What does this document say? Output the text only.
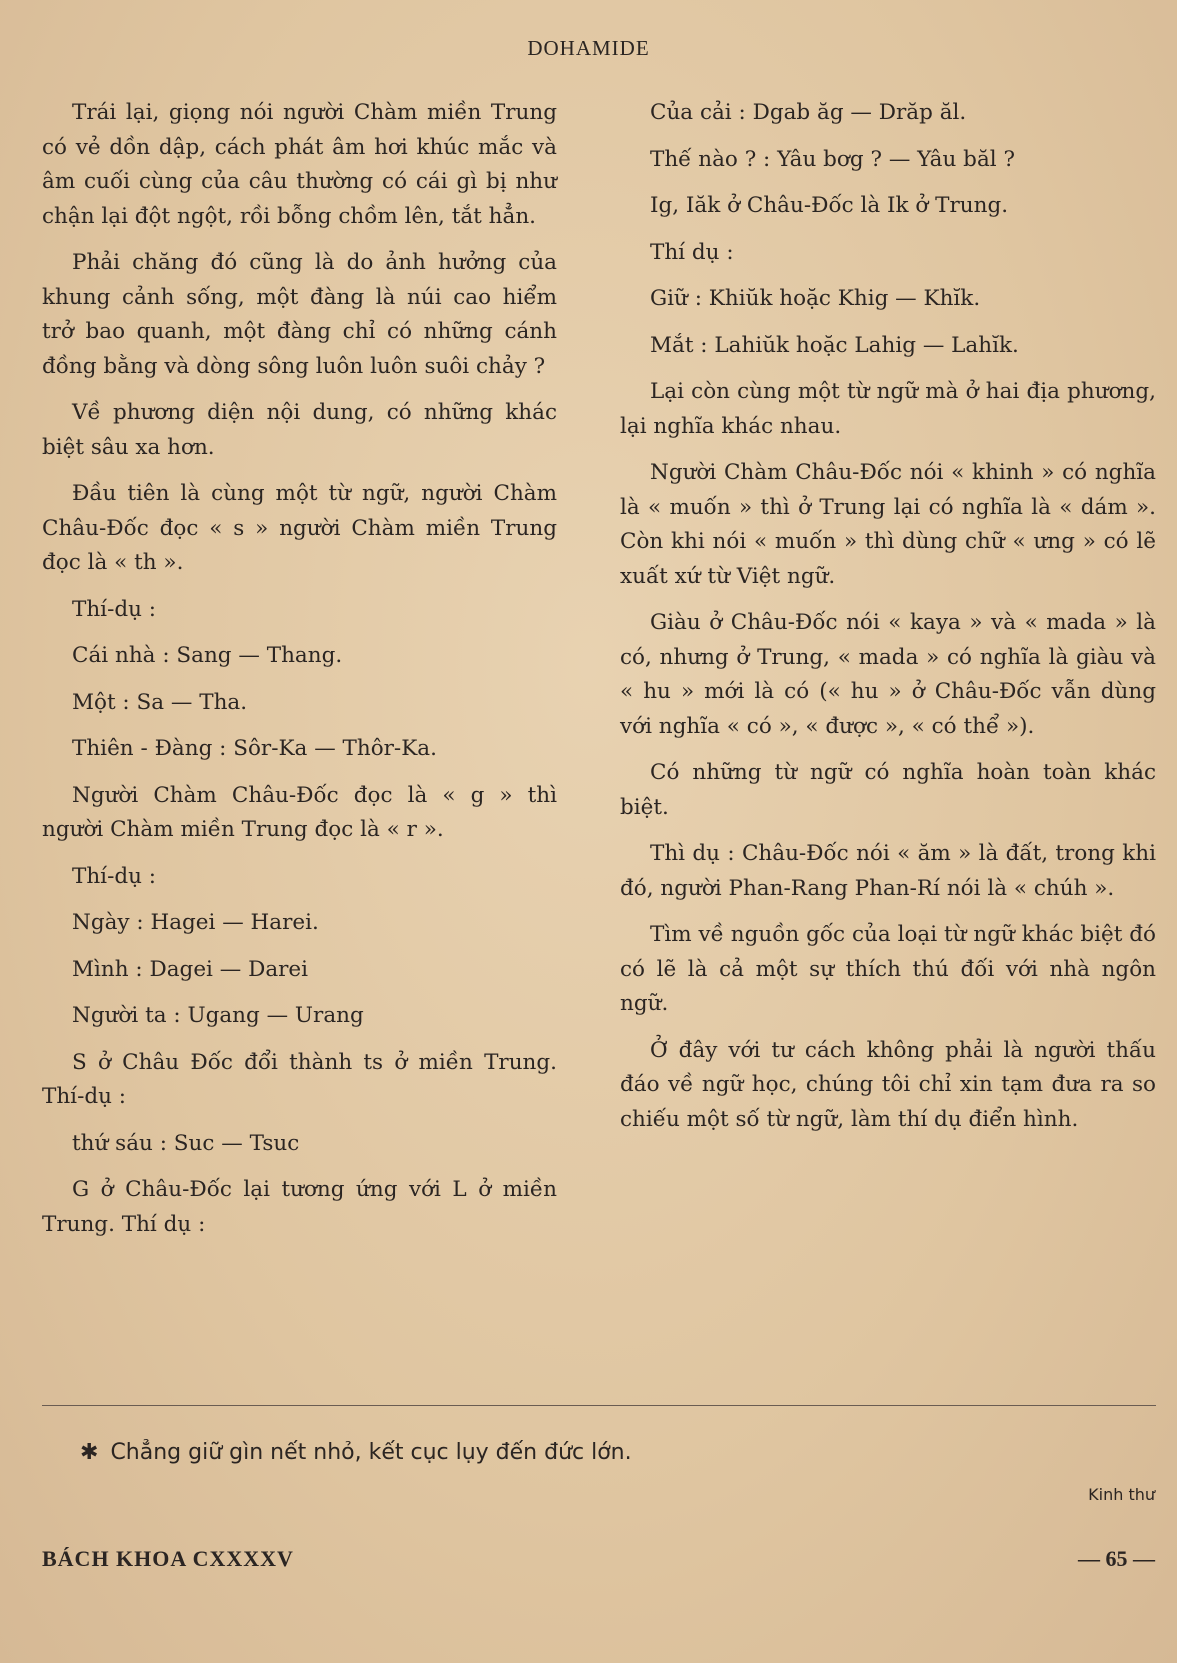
DOHAMIDE

Trái lại, giọng nói người Chàm miền Trung có vẻ dồn dập, cách phát âm hơi khúc mắc và âm cuối cùng của câu thường có cái gì bị như chận lại đột ngột, rồi bỗng chồm lên, tắt hẳn.

Phải chăng đó cũng là do ảnh hưởng của khung cảnh sống, một đàng là núi cao hiểm trở bao quanh, một đàng chỉ có những cánh đồng bằng và dòng sông luôn luôn suôi chảy ?

Về phương diện nội dung, có những khác biệt sâu xa hơn.

Đầu tiên là cùng một từ ngữ, người Chàm Châu-Đốc đọc « s » người Chàm miền Trung đọc là « th ».

Thí-dụ :

Cái nhà : Sang — Thang.

Một : Sa — Tha.

Thiên - Đàng : Sôr-Ka — Thôr-Ka.

Người Chàm Châu-Đốc đọc là « g » thì người Chàm miền Trung đọc là « r ».

Thí-dụ :

Ngày : Hagei — Harei.

Mình : Dagei — Darei

Người ta : Ugang — Urang

S ở Châu Đốc đổi thành ts ở miền Trung. Thí-dụ :

thứ sáu : Suc — Tsuc

G ở Châu-Đốc lại tương ứng với L ở miền Trung. Thí dụ :

Của cải : Dgab ăg — Drăp ăl.

Thế nào ? : Yâu bơg ? — Yâu băl ?

Ig, Iăk ở Châu-Đốc là Ik ở Trung.

Thí dụ :

Giữ : Khiŭk hoặc Khig — Khĭk.

Mắt : Lahiŭk hoặc Lahig — Lahĭk.

Lại còn cùng một từ ngữ mà ở hai địa phương, lại nghĩa khác nhau.

Người Chàm Châu-Đốc nói « khinh » có nghĩa là « muốn » thì ở Trung lại có nghĩa là « dám ». Còn khi nói « muốn » thì dùng chữ « ưng » có lẽ xuất xứ từ Việt ngữ.

Giàu ở Châu-Đốc nói « kaya » và « mada » là có, nhưng ở Trung, « mada » có nghĩa là giàu và « hu » mới là có (« hu » ở Châu-Đốc vẫn dùng với nghĩa « có », « được », « có thể »).

Có những từ ngữ có nghĩa hoàn toàn khác biệt.

Thì dụ : Châu-Đốc nói « ăm » là đất, trong khi đó, người Phan-Rang Phan-Rí nói là « chúh ».

Tìm về nguồn gốc của loại từ ngữ khác biệt đó có lẽ là cả một sự thích thú đối với nhà ngôn ngữ.

Ở đây với tư cách không phải là người thấu đáo về ngữ học, chúng tôi chỉ xin tạm đưa ra so chiếu một số từ ngữ, làm thí dụ điển hình.

✱ Chẳng giữ gìn nết nhỏ, kết cục lụy đến đức lớn.
Kinh thư
BÁCH KHOA CXXXXV	— 65 —
